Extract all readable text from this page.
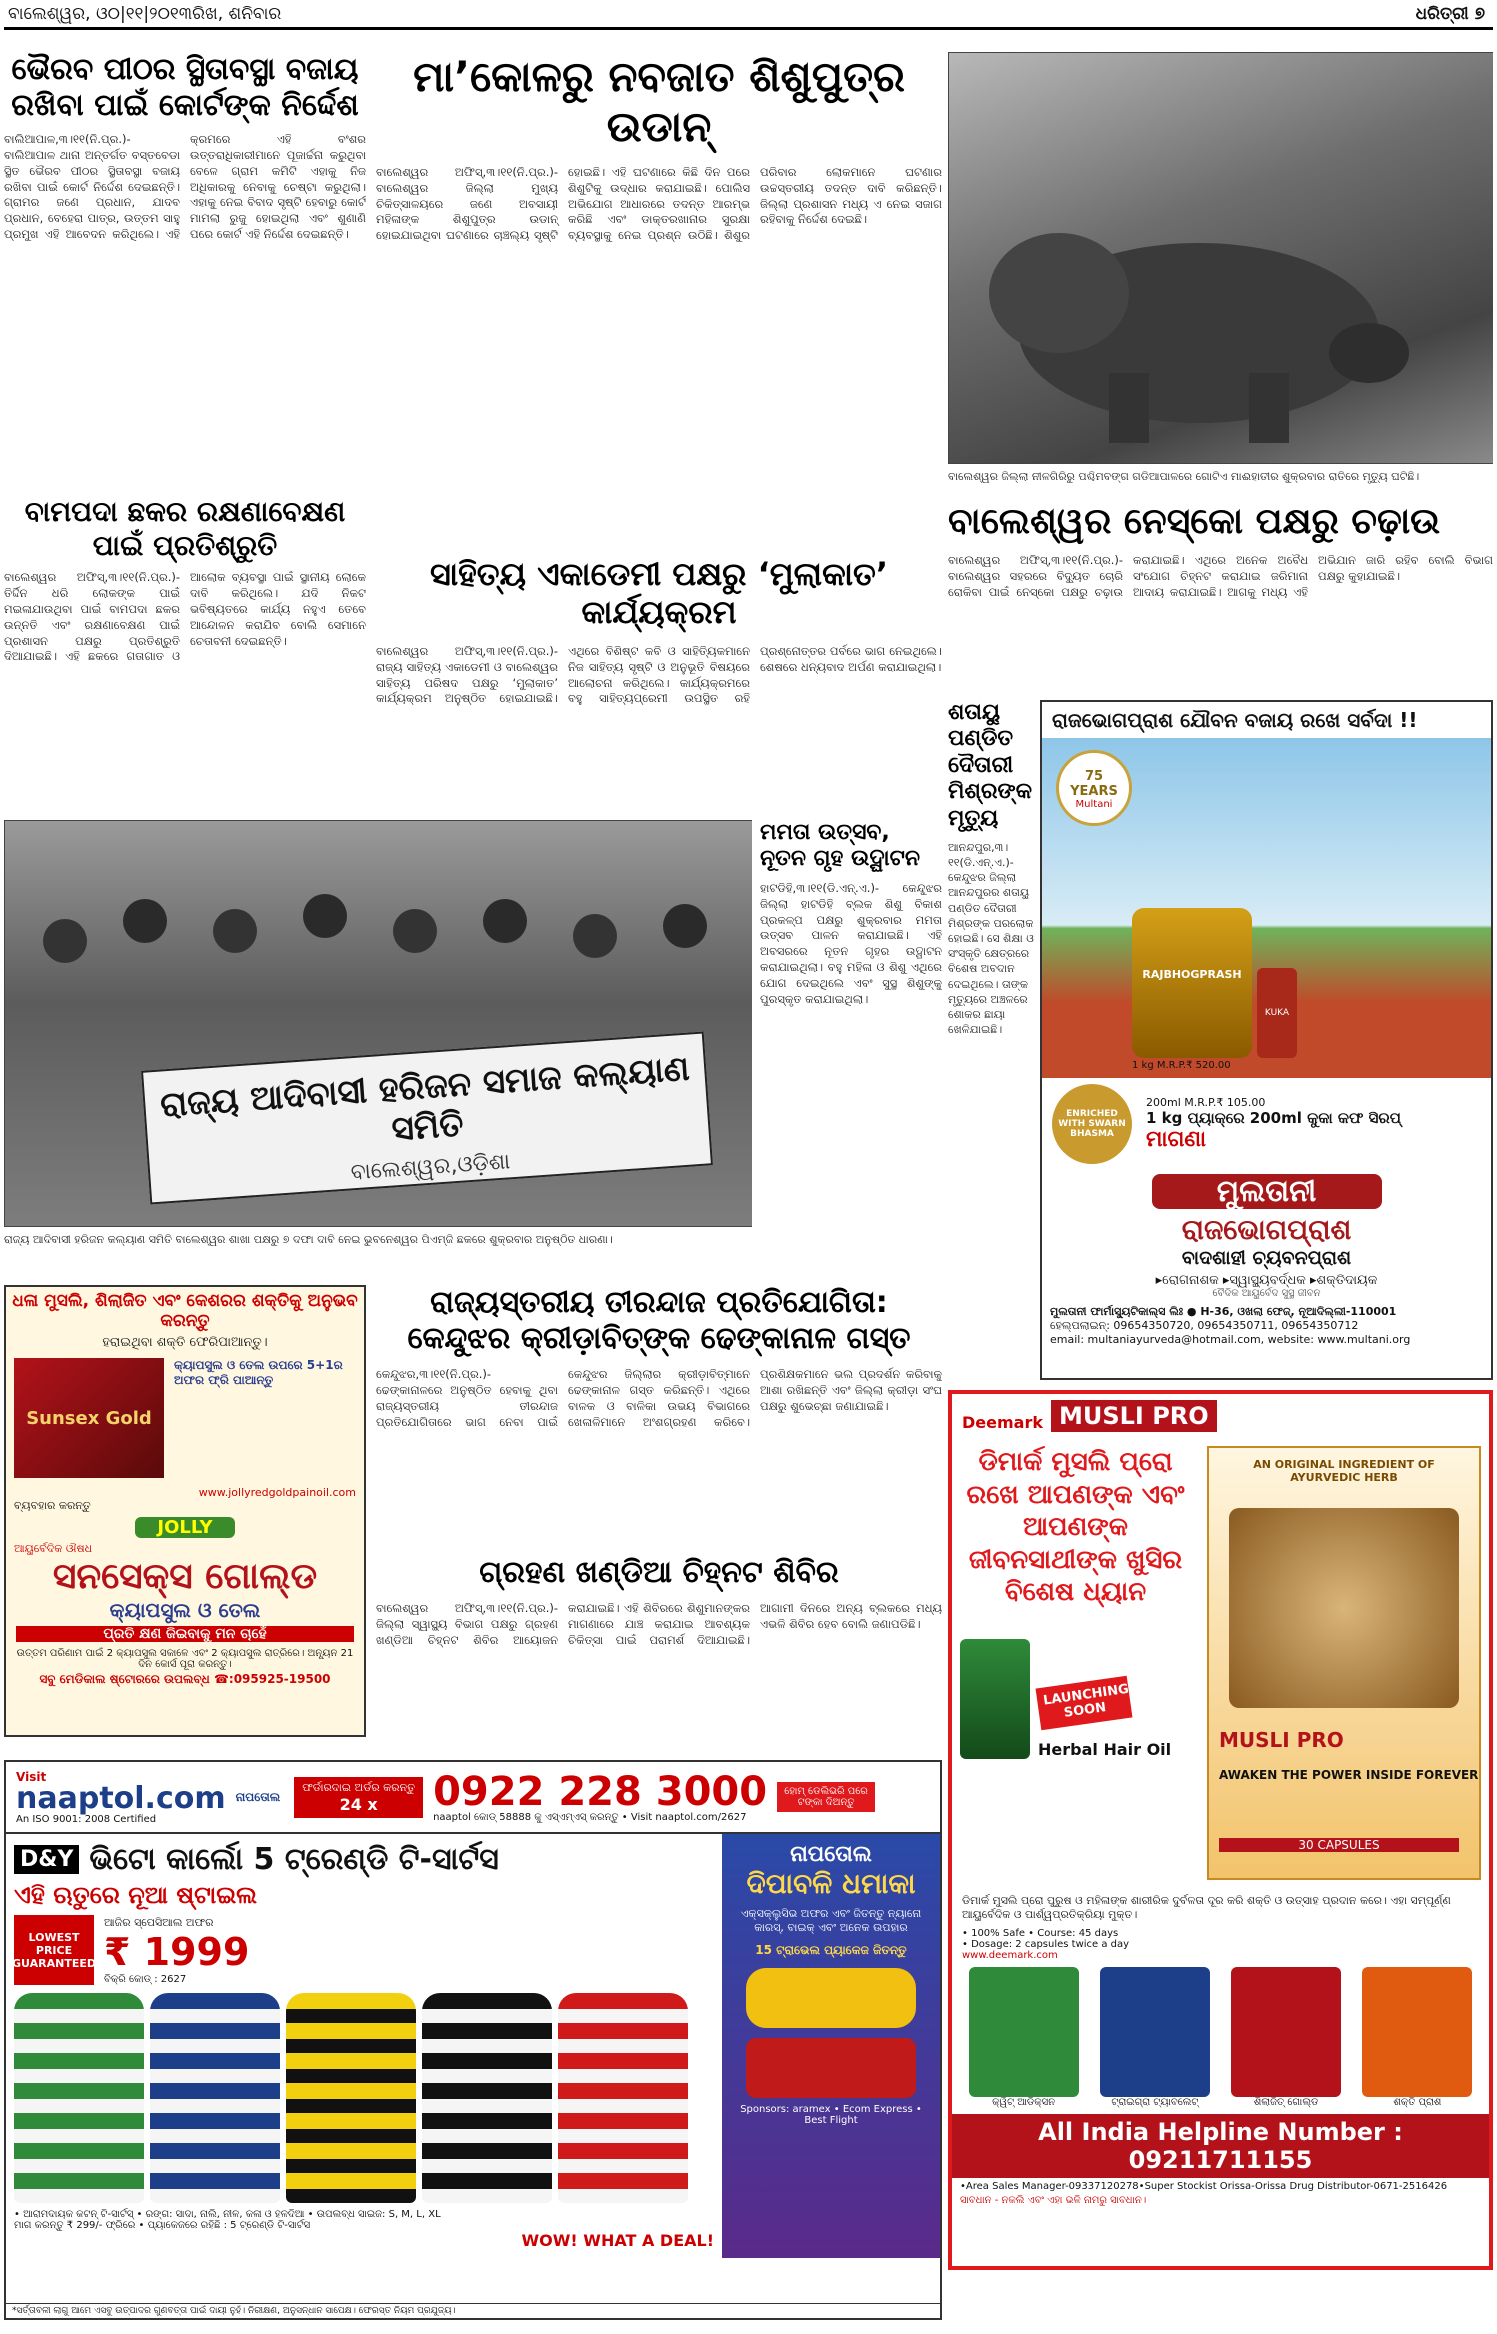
ବାଲେଶ୍ୱର, ଓ୦|୧୧|୨୦୧୩ରିଖ, ଶନିବାର	ଧରିତ୍ରୀ ୭
ଭୈରବ ପୀଠର ସ୍ଥିତାବସ୍ଥା ବଜାୟ ରଖିବା ପାଇଁ କୋର୍ଟଙ୍କ ନିର୍ଦ୍ଦେଶ
ବାଲିଆପାଳ,୩।୧୧(ନି.ପ୍ର.)- ବାଲିଆପାଳ ଥାନା ଅନ୍ତର୍ଗତ ବସ୍ତବେଡା ସ୍ଥିତ ଭୈରବ ପୀଠର ସ୍ଥିତାବସ୍ଥା ବଜାୟ ରଖିବା ପାଇଁ କୋର୍ଟ ନିର୍ଦ୍ଦେଶ ଦେଇଛନ୍ତି। ଗ୍ରାମର ଜଣେ ପ୍ରଧାନ, ଯାଦବ ପ୍ରଧାନ, ବେହେରା ପାତ୍ର, ଉତ୍ତମ ସାହୁ ପ୍ରମୁଖ ଏହି ଆବେଦନ କରିଥିଲେ। ଏହି କ୍ରମରେ ଏହି ବଂଶର ଉତ୍ତରାଧିକାରୀମାନେ ପୂଜାର୍ଚ୍ଚନା କରୁଥିବା ବେଳେ ଗ୍ରାମ କମିଟି ଏହାକୁ ନିଜ ଅଧିକାରକୁ ନେବାକୁ ଚେଷ୍ଟା କରୁଥିଲା। ଏହାକୁ ନେଇ ବିବାଦ ସୃଷ୍ଟି ହେବାରୁ କୋର୍ଟ ମାମଲା ରୁଜୁ ହୋଇଥିଲା ଏବଂ ଶୁଣାଣି ପରେ କୋର୍ଟ ଏହି ନିର୍ଦ୍ଦେଶ ଦେଇଛନ୍ତି।
ମା’କୋଳରୁ ନବଜାତ ଶିଶୁପୁତ୍ର ଉଡାନ୍
ବାଲେଶ୍ୱର ଅଫିସ୍,୩।୧୧(ନି.ପ୍ର.)- ବାଲେଶ୍ୱର ଜିଲ୍ଲା ମୁଖ୍ୟ ଚିକିତ୍ସାଳୟରେ ଜଣେ ଅବସାୟୀ ମହିଳାଙ୍କ ଶିଶୁପୁତ୍ର ଉଡାନ୍ ହୋଇଯାଇଥିବା ଘଟଣାରେ ଚାଞ୍ଚଲ୍ୟ ସୃଷ୍ଟି ହୋଇଛି। ଏହି ଘଟଣାରେ କିଛି ଦିନ ପରେ ଶିଶୁଟିକୁ ଉଦ୍ଧାର କରାଯାଇଛି। ପୋଲିସ ଅଭିଯୋଗ ଆଧାରରେ ତଦନ୍ତ ଆରମ୍ଭ କରିଛି ଏବଂ ଡାକ୍ତରଖାନାର ସୁରକ୍ଷା ବ୍ୟବସ୍ଥାକୁ ନେଇ ପ୍ରଶ୍ନ ଉଠିଛି। ଶିଶୁର ପରିବାର ଲୋକମାନେ ଘଟଣାର ଉଚ୍ଚସ୍ତରୀୟ ତଦନ୍ତ ଦାବି କରିଛନ୍ତି। ଜିଲ୍ଲା ପ୍ରଶାସନ ମଧ୍ୟ ଏ ନେଇ ସଜାଗ ରହିବାକୁ ନିର୍ଦ୍ଦେଶ ଦେଇଛି।
ବାଲେଶ୍ୱର ଜିଲ୍ଲା ନୀଳଗିରିରୁ ପଶ୍ଚିମବଙ୍ଗ ଗଡିଆପାଳରେ ଗୋଟିଏ ମାଈହାତୀର ଶୁକ୍ରବାର ରାତିରେ ମୃତ୍ୟୁ ଘଟିଛି।
ବାମପଦା ଛକର ରକ୍ଷଣାବେକ୍ଷଣ ପାଇଁ ପ୍ରତିଶ୍ରୁତି
ବାଲେଶ୍ୱର ଅଫିସ୍,୩।୧୧(ନି.ପ୍ର.)- ତିର୍ଦ୍ଦିନ ଧରି ଲୋକଙ୍କ ପାଇଁ ମଇଳାଯାଉଥିବା ପାଇଁ ବାମପଦା ଛକର ଉନ୍ନତି ଏବଂ ରକ୍ଷଣାବେକ୍ଷଣ ପାଇଁ ପ୍ରଶାସନ ପକ୍ଷରୁ ପ୍ରତିଶ୍ରୁତି ଦିଆଯାଇଛି। ଏହି ଛକରେ ଗତାଗାତ ଓ ଆଲୋକ ବ୍ୟବସ୍ଥା ପାଇଁ ସ୍ଥାନୀୟ ଲୋକେ ଦାବି କରିଥିଲେ। ଯଦି ନିକଟ ଭବିଷ୍ୟତରେ କାର୍ଯ୍ୟ ନହୁଏ ତେବେ ଆନ୍ଦୋଳନ କରାଯିବ ବୋଲି ସେମାନେ ଚେତାବନୀ ଦେଇଛନ୍ତି।
ସାହିତ୍ୟ ଏକାଡେମୀ ପକ୍ଷରୁ ‘ମୁଲାକାତ’ କାର୍ଯ୍ୟକ୍ରମ
ବାଲେଶ୍ୱର ଅଫିସ୍,୩।୧୧(ନି.ପ୍ର.)- ରାଜ୍ୟ ସାହିତ୍ୟ ଏକାଡେମୀ ଓ ବାଲେଶ୍ୱର ସାହିତ୍ୟ ପରିଷଦ ପକ୍ଷରୁ ‘ମୁଲାକାତ’ କାର୍ଯ୍ୟକ୍ରମ ଅନୁଷ୍ଠିତ ହୋଇଯାଇଛି। ଏଥିରେ ବିଶିଷ୍ଟ କବି ଓ ସାହିତ୍ୟିକମାନେ ନିଜ ସାହିତ୍ୟ ସୃଷ୍ଟି ଓ ଅନୁଭୂତି ବିଷୟରେ ଆଲୋଚନା କରିଥିଲେ। କାର୍ଯ୍ୟକ୍ରମରେ ବହୁ ସାହିତ୍ୟପ୍ରେମୀ ଉପସ୍ଥିତ ରହି ପ୍ରଶ୍ନୋତ୍ତର ପର୍ବରେ ଭାଗ ନେଇଥିଲେ। ଶେଷରେ ଧନ୍ୟବାଦ ଅର୍ପଣ କରାଯାଇଥିଲା।
ବାଲେଶ୍ୱର ନେସ୍କୋ ପକ୍ଷରୁ ଚଢ଼ାଉ
ବାଲେଶ୍ୱର ଅଫିସ୍,୩।୧୧(ନି.ପ୍ର.)- ବାଲେଶ୍ୱର ସହରରେ ବିଦ୍ୟୁତ ଚୋରି ରୋକିବା ପାଇଁ ନେସ୍କୋ ପକ୍ଷରୁ ଚଢ଼ାଉ କରାଯାଇଛି। ଏଥିରେ ଅନେକ ଅବୈଧ ସଂଯୋଗ ଚିହ୍ନଟ କରାଯାଇ ଜରିମାନା ଆଦାୟ କରାଯାଇଛି। ଆଗକୁ ମଧ୍ୟ ଏହି ଅଭିଯାନ ଜାରି ରହିବ ବୋଲି ବିଭାଗ ପକ୍ଷରୁ କୁହାଯାଇଛି।
ଶତାୟୁ ପଣ୍ଡିତ ଦୈତାରୀ ମିଶ୍ରଙ୍କ ମୃତ୍ୟୁ
ଆନନ୍ଦପୁର,୩।୧୧(ଡି.ଏନ୍.ଏ.)- କେନ୍ଦୁଝର ଜିଲ୍ଲା ଆନନ୍ଦପୁରର ଶତାୟୁ ପଣ୍ଡିତ ଦୈତାରୀ ମିଶ୍ରଙ୍କ ପରଲୋକ ହୋଇଛି। ସେ ଶିକ୍ଷା ଓ ସଂସ୍କୃତି କ୍ଷେତ୍ରରେ ବିଶେଷ ଅବଦାନ ଦେଇଥିଲେ। ତାଙ୍କ ମୃତ୍ୟୁରେ ଅଞ୍ଚଳରେ ଶୋକର ଛାୟା ଖେଳିଯାଇଛି।
ମମତା ଉତ୍ସବ, ନୂତନ ଗୃହ ଉଦ୍ଘାଟନ
ହାଟଡିହି,୩।୧୧(ଡି.ଏନ୍.ଏ.)- କେନ୍ଦୁଝର ଜିଲ୍ଲା ହାଟଡିହି ବ୍ଲକ ଶିଶୁ ବିକାଶ ପ୍ରକଳ୍ପ ପକ୍ଷରୁ ଶୁକ୍ରବାର ମମତା ଉତ୍ସବ ପାଳନ କରାଯାଇଛି। ଏହି ଅବସରରେ ନୂତନ ଗୃହର ଉଦ୍ଘାଟନ କରାଯାଇଥିଲା। ବହୁ ମହିଳା ଓ ଶିଶୁ ଏଥିରେ ଯୋଗ ଦେଇଥିଲେ ଏବଂ ସୁସ୍ଥ ଶିଶୁଙ୍କୁ ପୁରସ୍କୃତ କରାଯାଇଥିଲା।
ରାଜ୍ୟ ଆଦିବାସୀ ହରିଜନ ସମାଜ କଲ୍ୟାଣ ସମିତି
ବାଲେଶ୍ୱର,ଓଡ଼ିଶା
ରାଜ୍ୟ ଆଦିବାସୀ ହରିଜନ କଲ୍ୟାଣ ସମିତି ବାଲେଶ୍ୱର ଶାଖା ପକ୍ଷରୁ ୭ ଦଫା ଦାବି ନେଇ ଭୁବନେଶ୍ୱର ପିଏମ୍‌ଜି ଛକରେ ଶୁକ୍ରବାର ଅନୁଷ୍ଠିତ ଧାରଣା।
ରାଜଭୋଗପ୍ରାଶ ଯୌବନ ବଜାୟ ରଖେ ସର୍ବଦା !!
75 YEARS
Multani
RAJBHOGPRASH
KUKA
1 kg M.R.P.₹ 520.00
ENRICHED WITH SWARN BHASMA
200ml M.R.P.₹ 105.00
1 kg ପ୍ୟାକ୍‌ରେ 200ml କୁକା କଫ ସିରପ୍
ମାଗଣା
ମୁଲତାନୀ
ରାଜଭୋଗପ୍ରାଶ
ବାଦଶାହୀ ଚ୍ୟବନପ୍ରାଶ
▸ରୋଗନାଶକ ▸ସ୍ୱାସ୍ଥ୍ୟବର୍ଦ୍ଧକ ▸ଶକ୍ତିଦାୟକ
ବୈଦିକ ଆୟୁର୍ବେଦ ସୁସ୍ଥ ଜୀବନ
ମୁଲତାନୀ ଫାର୍ମାସ୍ୟୁଟିକାଲ୍ସ ଲିଃ ● H-36, ଓଖଲା ଫେଜ୍, ନୂଆଦିଲ୍ଲୀ-110001
ହେଲ୍ପଲାଇନ୍: 09654350720, 09654350711, 09654350712
email: multaniayurveda@hotmail.com, website: www.multani.org
ରାଜ୍ୟସ୍ତରୀୟ ତୀରନ୍ଦାଜ ପ୍ରତିଯୋଗିତା: କେନ୍ଦୁଝର କ୍ରୀଡ଼ାବିତ୍‌ଙ୍କ ଢେଙ୍କାନାଳ ଗସ୍ତ
କେନ୍ଦୁଝର,୩।୧୧(ନି.ପ୍ର.)- ଢେଙ୍କାନାଳରେ ଅନୁଷ୍ଠିତ ହେବାକୁ ଥିବା ରାଜ୍ୟସ୍ତରୀୟ ତୀରନ୍ଦାଜ ପ୍ରତିଯୋଗିତାରେ ଭାଗ ନେବା ପାଇଁ କେନ୍ଦୁଝର ଜିଲ୍ଲାର କ୍ରୀଡ଼ାବିତ୍‌ମାନେ ଢେଙ୍କାନାଳ ଗସ୍ତ କରିଛନ୍ତି। ଏଥିରେ ବାଳକ ଓ ବାଳିକା ଉଭୟ ବିଭାଗରେ ଖେଳାଳିମାନେ ଅଂଶଗ୍ରହଣ କରିବେ। ପ୍ରଶିକ୍ଷକମାନେ ଭଲ ପ୍ରଦର୍ଶନ କରିବାକୁ ଆଶା ରଖିଛନ୍ତି ଏବଂ ଜିଲ୍ଲା କ୍ରୀଡ଼ା ସଂଘ ପକ୍ଷରୁ ଶୁଭେଚ୍ଛା ଜଣାଯାଇଛି।
ଗ୍ରହଣ ଖଣ୍ଡିଆ ଚିହ୍ନଟ ଶିବିର
ବାଲେଶ୍ୱର ଅଫିସ୍,୩।୧୧(ନି.ପ୍ର.)- ଜିଲ୍ଲା ସ୍ୱାସ୍ଥ୍ୟ ବିଭାଗ ପକ୍ଷରୁ ଗ୍ରହଣ ଖଣ୍ଡିଆ ଚିହ୍ନଟ ଶିବିର ଆୟୋଜନ କରାଯାଇଛି। ଏହି ଶିବିରରେ ଶିଶୁମାନଙ୍କର ମାଗଣାରେ ଯାଞ୍ଚ କରାଯାଇ ଆବଶ୍ୟକ ଚିକିତ୍ସା ପାଇଁ ପରାମର୍ଶ ଦିଆଯାଇଛି। ଆଗାମୀ ଦିନରେ ଅନ୍ୟ ବ୍ଲକରେ ମଧ୍ୟ ଏଭଳି ଶିବିର ହେବ ବୋଲି ଜଣାପଡିଛି।
ଧଳା ମୁସଲି, ଶିଲାଜିତ ଏବଂ କେଶରର ଶକ୍ତିକୁ ଅନୁଭବ କରନ୍ତୁ
ହରାଇଥିବା ଶକ୍ତି ଫେରିପାଆନ୍ତୁ।
Sunsex Gold
କ୍ୟାପସୁଲ ଓ ତେଲ ଉପରେ 5+1ର ଅଫର ଫ୍ରି ପାଆନ୍ତୁ
www.jollyredgoldpainoil.com
ବ୍ୟବହାର କରନ୍ତୁ
JOLLY
ଆୟୁର୍ବେଦିକ ଔଷଧ
ସନସେକ୍ସ ଗୋଲ୍ଡ
କ୍ୟାପସୁଲ ଓ ତେଲ
ପ୍ରତି କ୍ଷଣ ଜିଇବାକୁ ମନ ଚାହେଁ
ଉତ୍ତମ ପରିଣାମ ପାଇଁ 2 କ୍ୟାପସୁଲ ସକାଳେ ଏବଂ 2 କ୍ୟାପସୁଲ ରାତ୍ରିରେ। ଅନ୍ୟୂନ 21 ଦିନ କୋର୍ସ ପୂରା କରନ୍ତୁ।
ସବୁ ମେଡିକାଲ ଷ୍ଟୋରରେ ଉପଲବ୍ଧ ☎:095925-19500
Deemark MUSLI PRO
ଡିମାର୍କ ମୁସଲି ପ୍ରୋ ରଖେ ଆପଣଙ୍କ ଏବଂ ଆପଣଙ୍କ ଜୀବନସାଥୀଙ୍କ ଖୁସିର ବିଶେଷ ଧ୍ୟାନ
LAUNCHING SOON
Herbal Hair Oil
AN ORIGINAL INGREDIENT OF AYURVEDIC HERB
MUSLI PRO
AWAKEN THE POWER INSIDE FOREVER
30 CAPSULES
ଡିମାର୍କ ମୁସଲି ପ୍ରୋ ପୁରୁଷ ଓ ମହିଳାଙ୍କ ଶାରୀରିକ ଦୁର୍ବଳତା ଦୂର କରି ଶକ୍ତି ଓ ଉତ୍ସାହ ପ୍ରଦାନ କରେ। ଏହା ସମ୍ପୂର୍ଣ୍ଣ ଆୟୁର୍ବେଦିକ ଓ ପାର୍ଶ୍ୱପ୍ରତିକ୍ରିୟା ମୁକ୍ତ।
• 100% Safe • Course: 45 days
• Dosage: 2 capsules twice a day
www.deemark.com
କ୍ୱିଟ୍ ଆଡିକ୍ସନ	ଟ୍ରାଇଗ୍ରା ଟ୍ୟାବଲେଟ୍	ଶିଲାଜିତ୍ ଗୋଲ୍ଡ	ଶକ୍ତି ପ୍ରାଶ
All India Helpline Number : 09211711155
•Area Sales Manager-09337120278•Super Stockist Orissa-Orissa Drug Distributor-0671-2516426
ସାବଧାନ - ନକଲି ଏବଂ ଏହା ଭଳି ନାମରୁ ସାବଧାନ।
Visit
naaptol.com
An ISO 9001: 2008 Certified
ନାପତୋଲ
ଫର୍ଡାରଦାଇ ଅର୍ଡର କରନ୍ତୁ
24 x	0922 228 3000
naaptol କୋଡ୍ 58888 କୁ ଏସ୍‌ଏମ୍‌ଏସ୍ କରନ୍ତୁ • Visit naaptol.com/2627
ହୋମ୍ ଡେଲିଭରି ପରେ ଟଙ୍କା ଦିଅନ୍ତୁ
D&Y ଭିଟୋ କାର୍ଲୋ 5 ଟ୍ରେଣ୍ଡି ଟି-ସାର୍ଟସ
ଏହି ଋତୁରେ ନୂଆ ଷ୍ଟାଇଲ
LOWEST PRICE GUARANTEED
ଆଜିର ସ୍ପେସିଆଲ ଅଫର
₹ 1999
ବିକ୍ରି କୋଡ୍ : 2627
• ଆରାମଦାୟକ କଟନ୍ ଟି-ସାର୍ଟସ୍ • ରଙ୍ଗ: ସାଦା, ନାଲି, ନୀଳ, କଳା ଓ ହଳଦିଆ • ଉପଲବ୍ଧ ସାଇଜ: S, M, L, XL
ମାଗ କରନ୍ତୁ ₹ 299/- ଫ୍ରିରେ • ପ୍ୟାକେଜରେ ରହିଛି : 5 ଟ୍ରେଣ୍ଡି ଟି-ସାର୍ଟସ
WOW! WHAT A DEAL!
ନାପତୋଲ
ଦିପାବଳି ଧମାକା
ଏକ୍ସକ୍ଲୁସିଭ ଅଫର ଏବଂ ଜିତନ୍ତୁ ନ୍ୟାନୋ କାରସ୍, ବାଇକ୍ ଏବଂ ଅନେକ ଉପହାର
15 ଟ୍ରାଭେଲ ପ୍ୟାକେଜ ଜିତନ୍ତୁ
Sponsors: aramex • Ecom Express • Best Flight
*ସର୍ତ୍ତାବଳୀ ଲାଗୁ ଆମେ ଏସବୁ ଉତ୍ପାଦର ଗୁଣବତ୍ତା ପାଇଁ ଦାୟୀ ନୁହଁ। ନିରୀକ୍ଷଣ, ଅନୁସନ୍ଧାନ ସାପେକ୍ଷ। ଫେରସ୍ତ ନିୟମ ପ୍ରଯୁଜ୍ୟ।
